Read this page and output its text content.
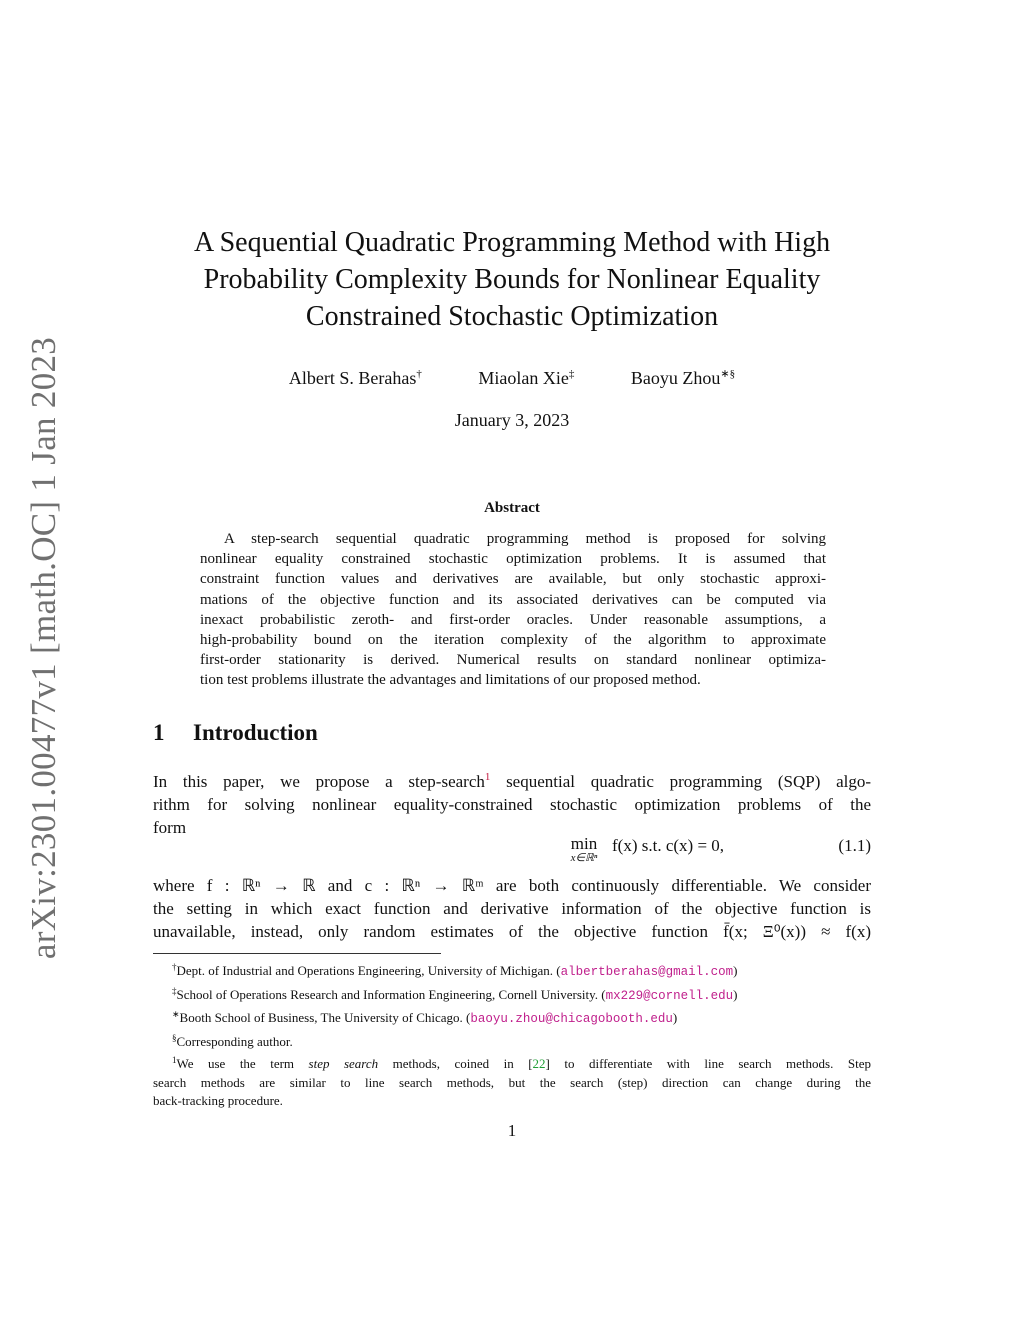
arXiv:2301.00477v1 [math.OC] 1 Jan 2023
A Sequential Quadratic Programming Method with High
Probability Complexity Bounds for Nonlinear Equality
Constrained Stochastic Optimization
Albert S. Berahas†	Miaolan Xie‡	Baoyu Zhou∗§
January 3, 2023
Abstract
A step-search sequential quadratic programming method is proposed for solving
nonlinear equality constrained stochastic optimization problems. It is assumed that
constraint function values and derivatives are available, but only stochastic approxi-
mations of the objective function and its associated derivatives can be computed via
inexact probabilistic zeroth- and first-order oracles. Under reasonable assumptions, a
high-probability bound on the iteration complexity of the algorithm to approximate
first-order stationarity is derived. Numerical results on standard nonlinear optimiza-
tion test problems illustrate the advantages and limitations of our proposed method.
1 Introduction
In this paper, we propose a step-search$^1$ sequential quadratic programming (SQP) algo-
rithm for solving nonlinear equality-constrained stochastic optimization problems of the
form
min
x∈ℝⁿ
f(x) s.t. c(x) = 0,	(1.1)
where f : ℝⁿ → ℝ and c : ℝⁿ → ℝᵐ are both continuously differentiable. We consider
the setting in which exact function and derivative information of the objective function is
unavailable, instead, only random estimates of the objective function f̄(x; Ξ⁰(x)) ≈ f(x)
†Dept. of Industrial and Operations Engineering, University of Michigan. (albertberahas@gmail.com)
‡School of Operations Research and Information Engineering, Cornell University. (mx229@cornell.edu)
∗Booth School of Business, The University of Chicago. (baoyu.zhou@chicagobooth.edu)
§Corresponding author.
$^1$We use the term step search methods, coined in [22] to differentiate with line search methods. Step
search methods are similar to line search methods, but the search (step) direction can change during the
back-tracking procedure.
1
